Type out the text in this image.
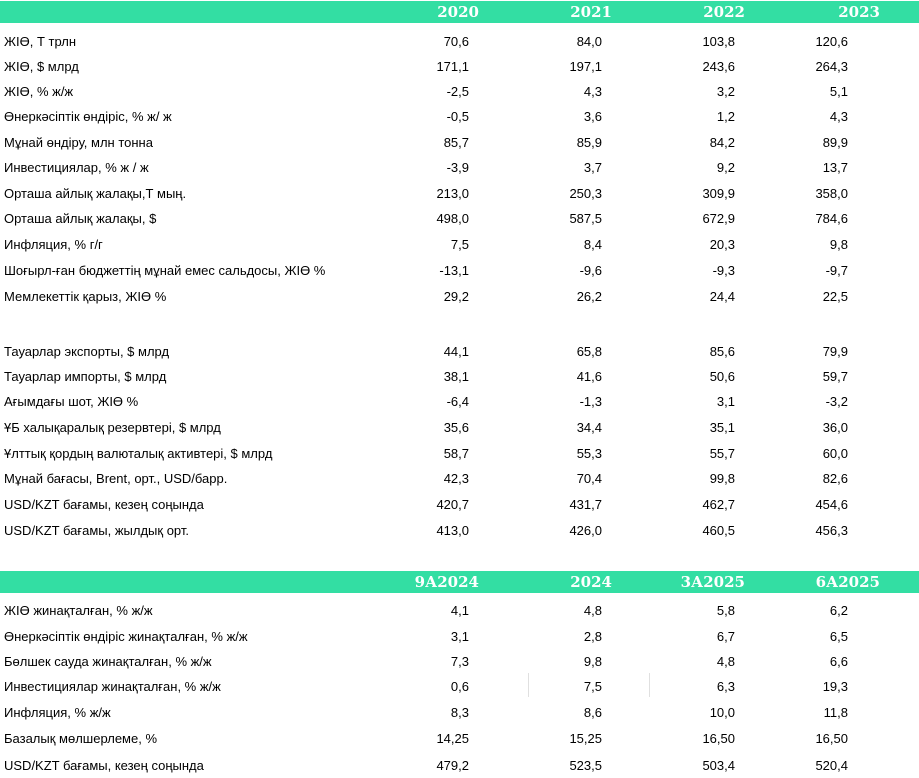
2020	2021	2022	2023
ЖІӨ, Т трлн	70,6	84,0	103,8	120,6
ЖІӨ, $ млрд	171,1	197,1	243,6	264,3
ЖІӨ, % ж/ж	-2,5	4,3	3,2	5,1
Өнеркәсіптік өндіріс, % ж/ ж	-0,5	3,6	1,2	4,3
Мұнай өндіру, млн тонна	85,7	85,9	84,2	89,9
Инвестициялар, % ж / ж	-3,9	3,7	9,2	13,7
Орташа айлық жалақы,Т мың.	213,0	250,3	309,9	358,0
Орташа айлық жалақы, $	498,0	587,5	672,9	784,6
Инфляция, % г/г	7,5	8,4	20,3	9,8
Шоғырл-ған бюджеттің мұнай емес сальдосы, ЖІӨ %	-13,1	-9,6	-9,3	-9,7
Мемлекеттік қарыз, ЖІӨ %	29,2	26,2	24,4	22,5
Тауарлар экспорты, $ млрд	44,1	65,8	85,6	79,9
Тауарлар импорты, $ млрд	38,1	41,6	50,6	59,7
Ағымдағы шот, ЖІӨ %	-6,4	-1,3	3,1	-3,2
ҰБ халықаралық резервтері, $ млрд	35,6	34,4	35,1	36,0
Ұлттық қордың валюталық активтері, $ млрд	58,7	55,3	55,7	60,0
Мұнай бағасы, Brent, орт., USD/барр.	42,3	70,4	99,8	82,6
USD/KZT бағамы, кезең соңында	420,7	431,7	462,7	454,6
USD/KZT бағамы, жылдық орт.	413,0	426,0	460,5	456,3
9А2024	2024	3А2025	6А2025
ЖІӨ жинақталған, % ж/ж	4,1	4,8	5,8	6,2
Өнеркәсіптік өндіріс жинақталған, % ж/ж	3,1	2,8	6,7	6,5
Бөлшек сауда жинақталған, % ж/ж	7,3	9,8	4,8	6,6
Инвестициялар жинақталған, % ж/ж	0,6	7,5	6,3	19,3
Инфляция, % ж/ж	8,3	8,6	10,0	11,8
Базалық мөлшерлеме, %	14,25	15,25	16,50	16,50
USD/KZT бағамы, кезең соңында	479,2	523,5	503,4	520,4
